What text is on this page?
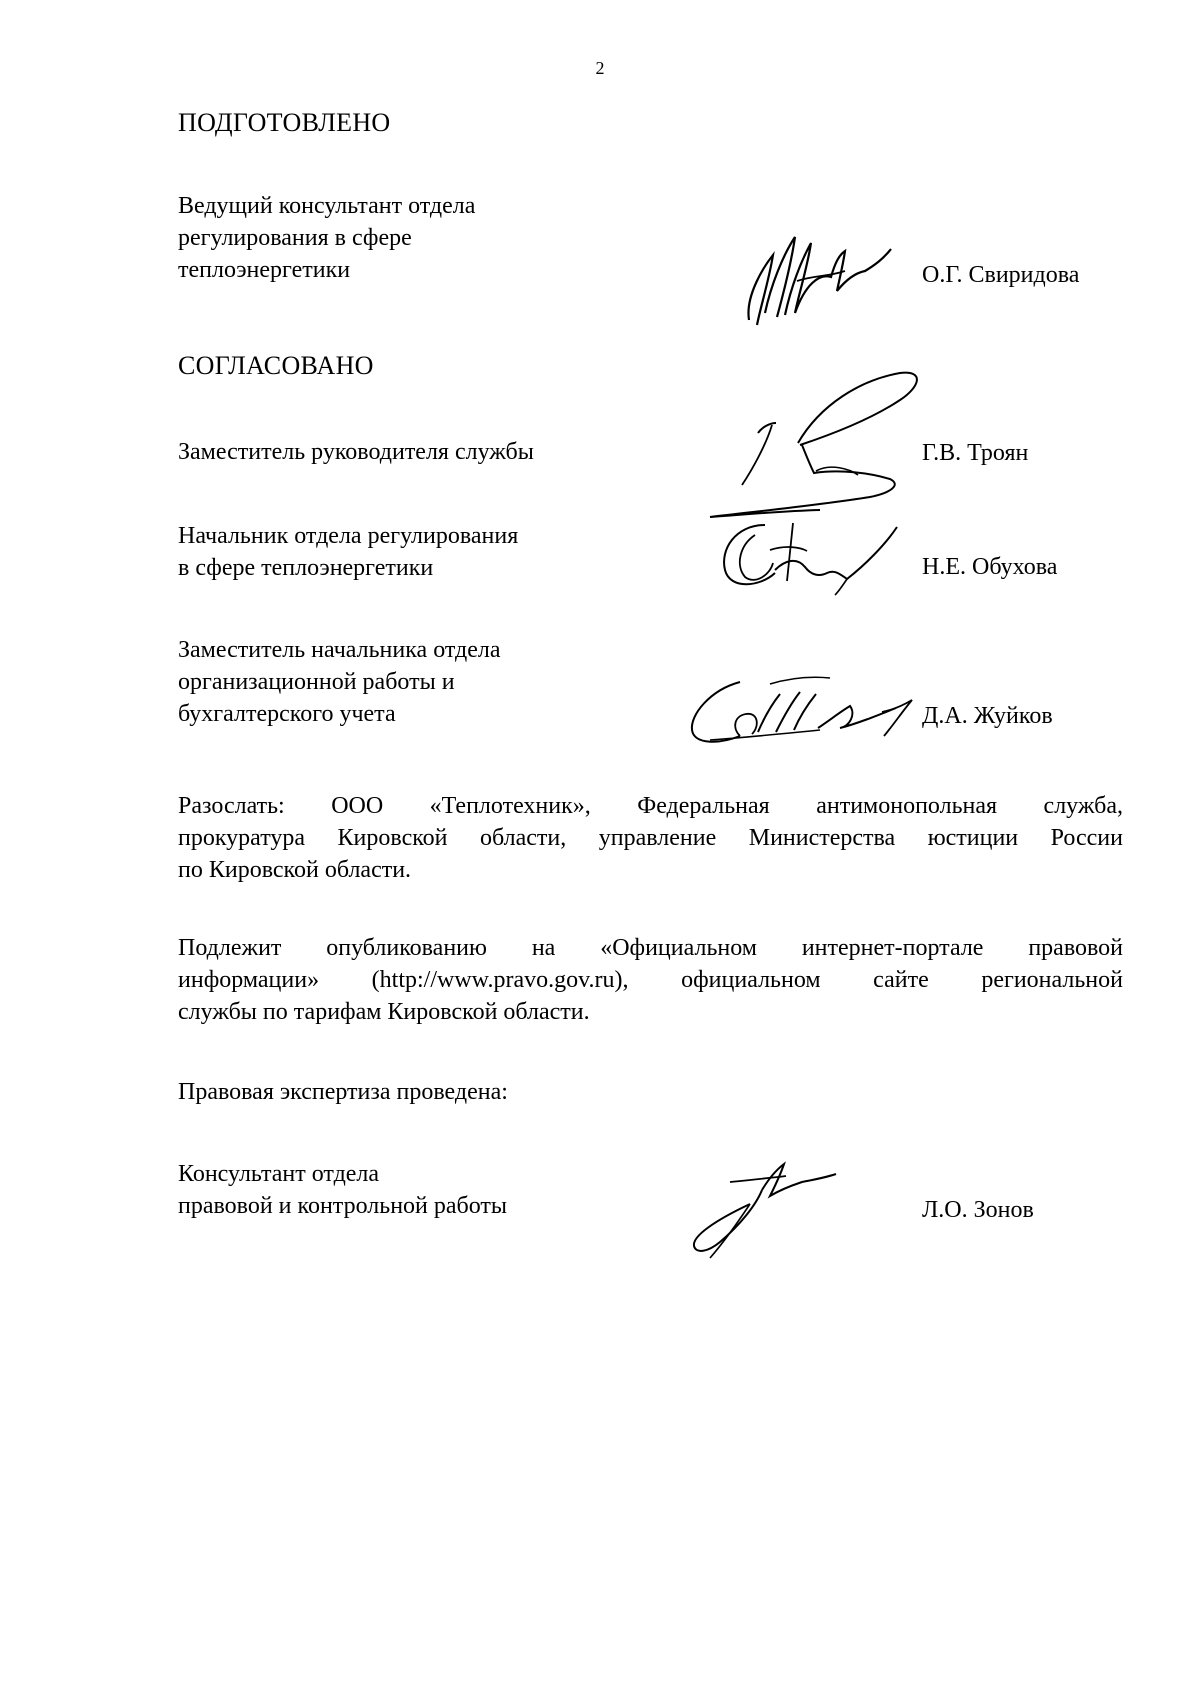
2
ПОДГОТОВЛЕНО
Ведущий консультант отдела
регулирования в сфере
теплоэнергетики	О.Г. Свиридова
СОГЛАСОВАНО
Заместитель руководителя службы	Г.В. Троян
Начальник отдела регулирования
в сфере теплоэнергетики	Н.Е. Обухова
Заместитель начальника отдела
организационной работы и
бухгалтерского учета	Д.А. Жуйков
Разослать: ООО «Теплотехник», Федеральная антимонопольная служба,
прокуратура Кировской области, управление Министерства юстиции России
по Кировской области.
Подлежит опубликованию на «Официальном интернет-портале правовой
информации» (http://www.pravo.gov.ru), официальном сайте региональной
службы по тарифам Кировской области.
Правовая экспертиза проведена:
Консультант отдела
правовой и контрольной работы	Л.О. Зонов
